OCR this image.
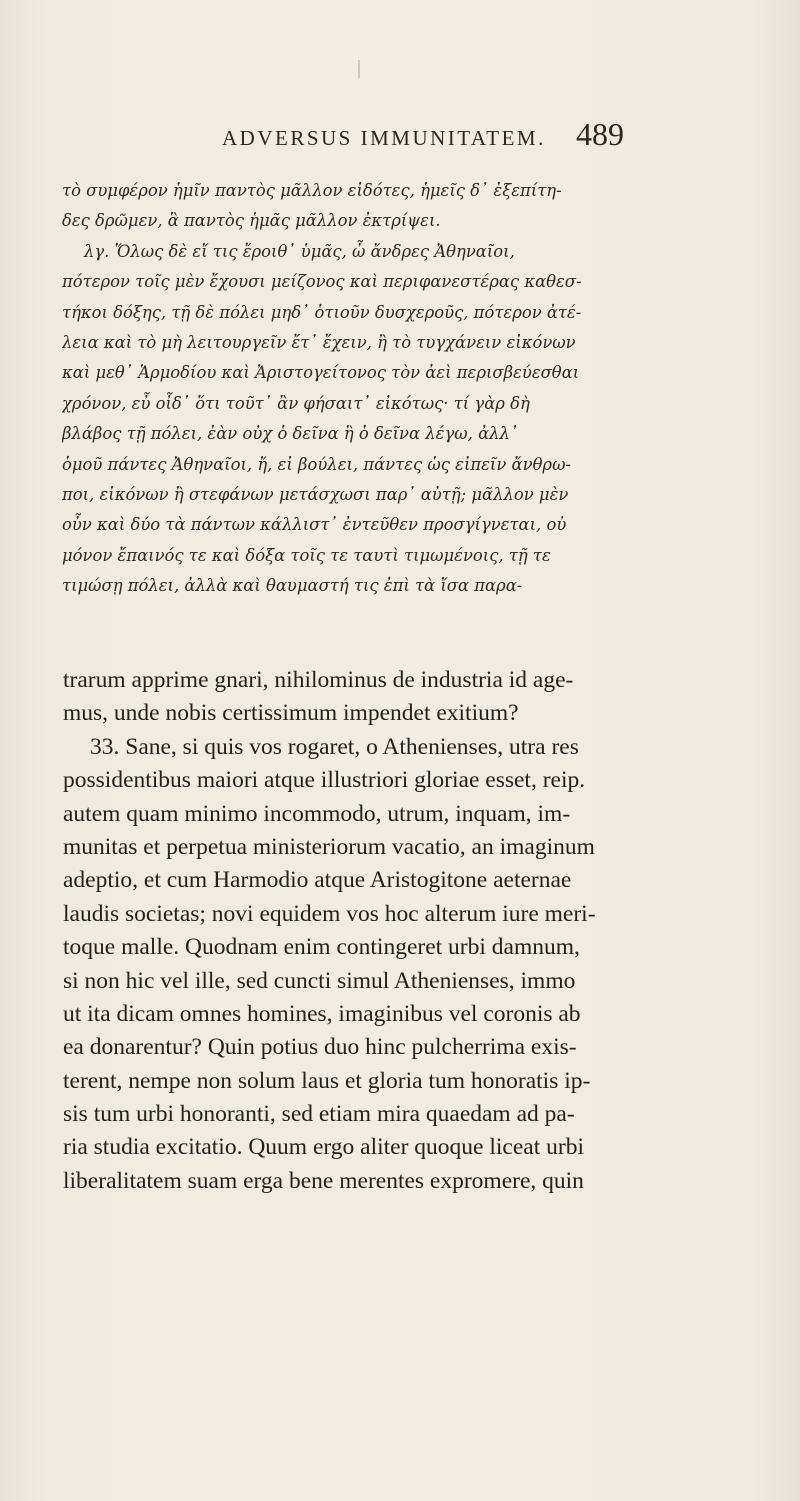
ADVERSUS IMMUNITATEM. 489
τὸ συμφέρον ἡμῖν παντὸς μᾶλλον εἰδότες, ἡμεῖς δ᾽ ἐξεπίτη-
δες δρῶμεν, ἃ παντὸς ἡμᾶς μᾶλλον ἐκτρίψει.
λγ. Ὅλως δὲ εἴ τις ἔροιθ᾽ ὑμᾶς, ὦ ἄνδρες Ἀθηναῖοι,
πότερον τοῖς μὲν ἔχουσι μείζονος καὶ περιφανεστέρας καθεσ-
τήκοι δόξης, τῇ δὲ πόλει μηδ᾽ ὁτιοῦν δυσχεροῦς, πότερον ἀτέ-
λεια καὶ τὸ μὴ λειτουργεῖν ἔτ᾽ ἔχειν, ἢ τὸ τυγχάνειν εἰκόνων
καὶ μεθ᾽ Ἁρμοδίου καὶ Ἀριστογείτονος τὸν ἀεὶ περισβεύεσθαι
χρόνον, εὖ οἶδ᾽ ὅτι τοῦτ᾽ ἂν φήσαιτ᾽ εἰκότως· τί γὰρ δὴ
βλάβος τῇ πόλει, ἐὰν οὐχ ὁ δεῖνα ἢ ὁ δεῖνα λέγω, ἀλλ᾽
ὁμοῦ πάντες Ἀθηναῖοι, ἤ, εἰ βούλει, πάντες ὡς εἰπεῖν ἄνθρω-
ποι, εἰκόνων ἢ στεφάνων μετάσχωσι παρ᾽ αὐτῇ; μᾶλλον μὲν
οὖν καὶ δύο τὰ πάντων κάλλιστ᾽ ἐντεῦθεν προσγίγνεται, οὐ
μόνον ἔπαινός τε καὶ δόξα τοῖς τε ταυτὶ τιμωμένοις, τῇ τε
τιμώσῃ πόλει, ἀλλὰ καὶ θαυμαστή τις ἐπὶ τὰ ἴσα παρα-
trarum apprime gnari, nihilominus de industria id age-
mus, unde nobis certissimum impendet exitium?
33. Sane, si quis vos rogaret, o Athenienses, utra res
possidentibus maiori atque illustriori gloriae esset, reip.
autem quam minimo incommodo, utrum, inquam, im-
munitas et perpetua ministeriorum vacatio, an imaginum
adeptio, et cum Harmodio atque Aristogitone aeternae
laudis societas; novi equidem vos hoc alterum iure meri-
toque malle. Quodnam enim contingeret urbi damnum,
si non hic vel ille, sed cuncti simul Athenienses, immo
ut ita dicam omnes homines, imaginibus vel coronis ab
ea donarentur? Quin potius duo hinc pulcherrima exis-
terent, nempe non solum laus et gloria tum honoratis ip-
sis tum urbi honoranti, sed etiam mira quaedam ad pa-
ria studia excitatio. Quum ergo aliter quoque liceat urbi
liberalitatem suam erga bene merentes expromere, quin
